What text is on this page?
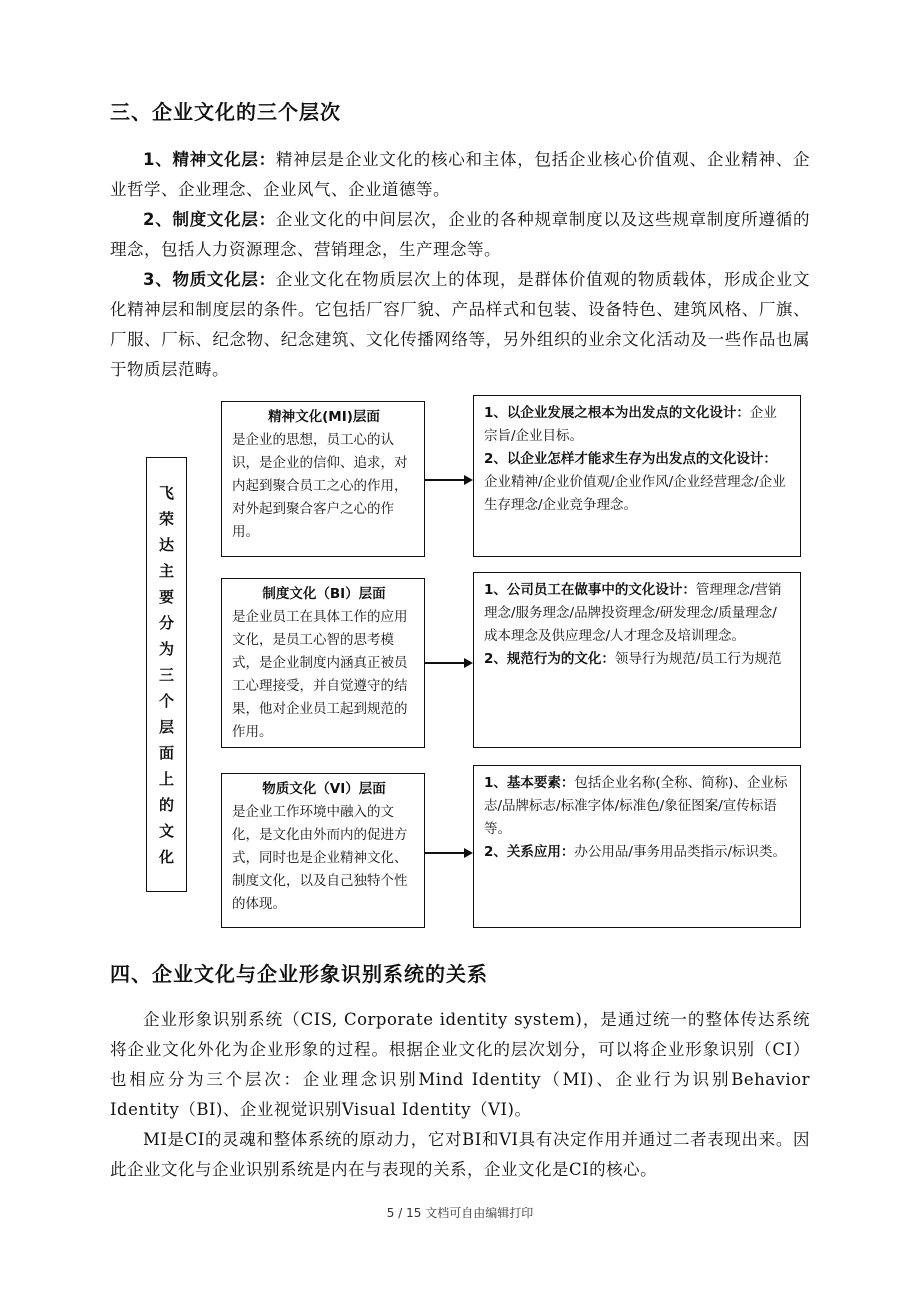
三、企业文化的三个层次

1、精神文化层：精神层是企业文化的核心和主体，包括企业核心价值观、企业精神、企业哲学、企业理念、企业风气、企业道德等。

2、制度文化层：企业文化的中间层次，企业的各种规章制度以及这些规章制度所遵循的理念，包括人力资源理念、营销理念，生产理念等。

3、物质文化层：企业文化在物质层次上的体现，是群体价值观的物质载体，形成企业文化精神层和制度层的条件。它包括厂容厂貌、产品样式和包装、设备特色、建筑风格、厂旗、厂服、厂标、纪念物、纪念建筑、文化传播网络等，另外组织的业余文化活动及一些作品也属于物质层范畴。

飞
荣
达
主
要
分
为
三
个
层
面
上
的
文
化
精神文化(MI)层面
是企业的思想，员工心的认识，是企业的信仰、追求，对内起到聚合员工之心的作用，对外起到聚合客户之心的作用。

1、以企业发展之根本为出发点的文化设计：企业宗旨/企业目标。

2、以企业怎样才能求生存为出发点的文化设计：企业精神/企业价值观/企业作风/企业经营理念/企业生存理念/企业竞争理念。

制度文化（BI）层面
是企业员工在具体工作的应用文化，是员工心智的思考模式，是企业制度内涵真正被员工心理接受，并自觉遵守的结果，他对企业员工起到规范的作用。

1、公司员工在做事中的文化设计：管理理念/营销理念/服务理念/品牌投资理念/研发理念/质量理念/成本理念及供应理念/人才理念及培训理念。

2、规范行为的文化：领导行为规范/员工行为规范

物质文化（VI）层面
是企业工作环境中融入的文化，是文化由外而内的促进方式，同时也是企业精神文化、制度文化，以及自己独特个性的体现。

1、基本要素：包括企业名称(全称、简称)、企业标志/品牌标志/标准字体/标准色/象征图案/宣传标语等。

2、关系应用：办公用品/事务用品类指示/标识类。

四、企业文化与企业形象识别系统的关系

企业形象识别系统（CIS, Corporate identity system)，是通过统一的整体传达系统将企业文化外化为企业形象的过程。根据企业文化的层次划分，可以将企业形象识别（CI）也相应分为三个层次：企业理念识别Mind Identity（MI)、企业行为识别Behavior Identity（BI)、企业视觉识别Visual Identity（VI)。

MI是CI的灵魂和整体系统的原动力，它对BI和VI具有决定作用并通过二者表现出来。因此企业文化与企业识别系统是内在与表现的关系，企业文化是CI的核心。

5 / 15 文档可自由编辑打印
